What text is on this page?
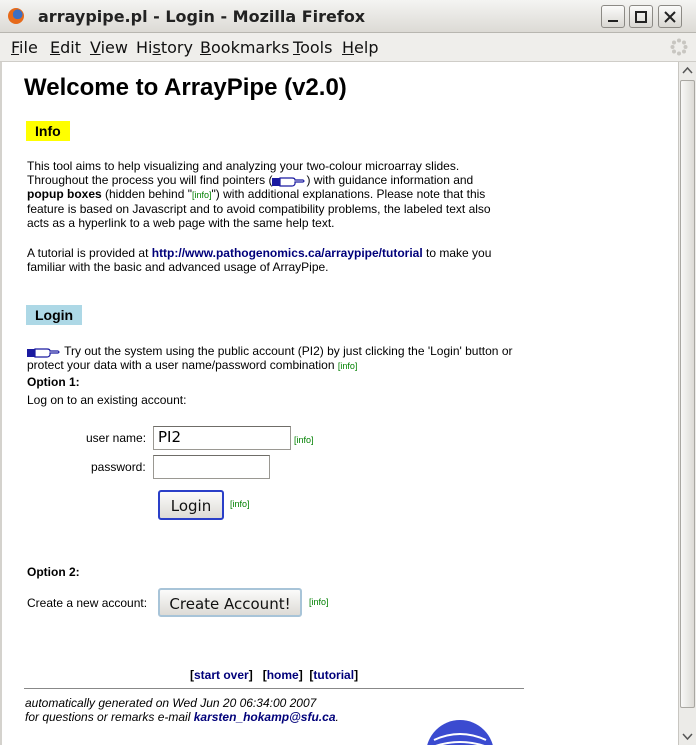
arraypipe.pl - Login - Mozilla Firefox
File Edit View History Bookmarks Tools Help
Welcome to ArrayPipe (v2.0)
Info
This tool aims to help visualizing and analyzing your two-colour microarray slides.
Throughout the process you will find pointers (	) with guidance information and
popup boxes (hidden behind "[info]") with additional explanations. Please note that this
feature is based on Javascript and to avoid compatibility problems, the labeled text also
acts as a hyperlink to a web page with the same help text.
A tutorial is provided at http://www.pathogenomics.ca/arraypipe/tutorial to make you
familiar with the basic and advanced usage of ArrayPipe.
Login
Try out the system using the public account (PI2) by just clicking the 'Login' button or
protect your data with a user name/password combination [info]
Option 1:
Log on to an existing account:
user name: PI2	[info]
password:
Login	[info]
Option 2:
Create a new account:	Create Account!	[info]
[start over]   [home]  [tutorial]
automatically generated on Wed Jun 20 06:34:00 2007
for questions or remarks e-mail karsten_hokamp@sfu.ca.
